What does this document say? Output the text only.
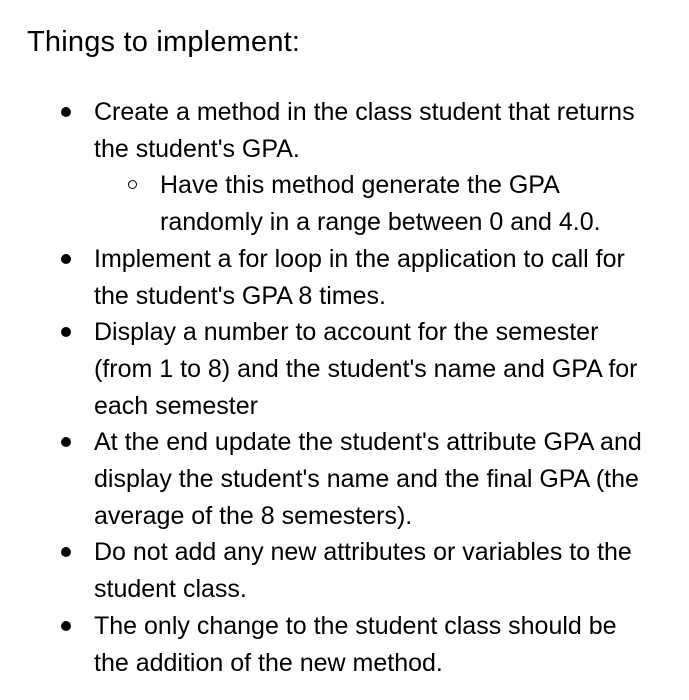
Things to implement:
Create a method in the class student that returns the student's GPA.
Have this method generate the GPA randomly in a range between 0 and 4.0.
Implement a for loop in the application to call for the student's GPA 8 times.
Display a number to account for the semester (from 1 to 8) and the student's name and GPA for each semester
At the end update the student's attribute GPA and display the student's name and the final GPA (the average of the 8 semesters).
Do not add any new attributes or variables to the student class.
The only change to the student class should be the addition of the new method.
